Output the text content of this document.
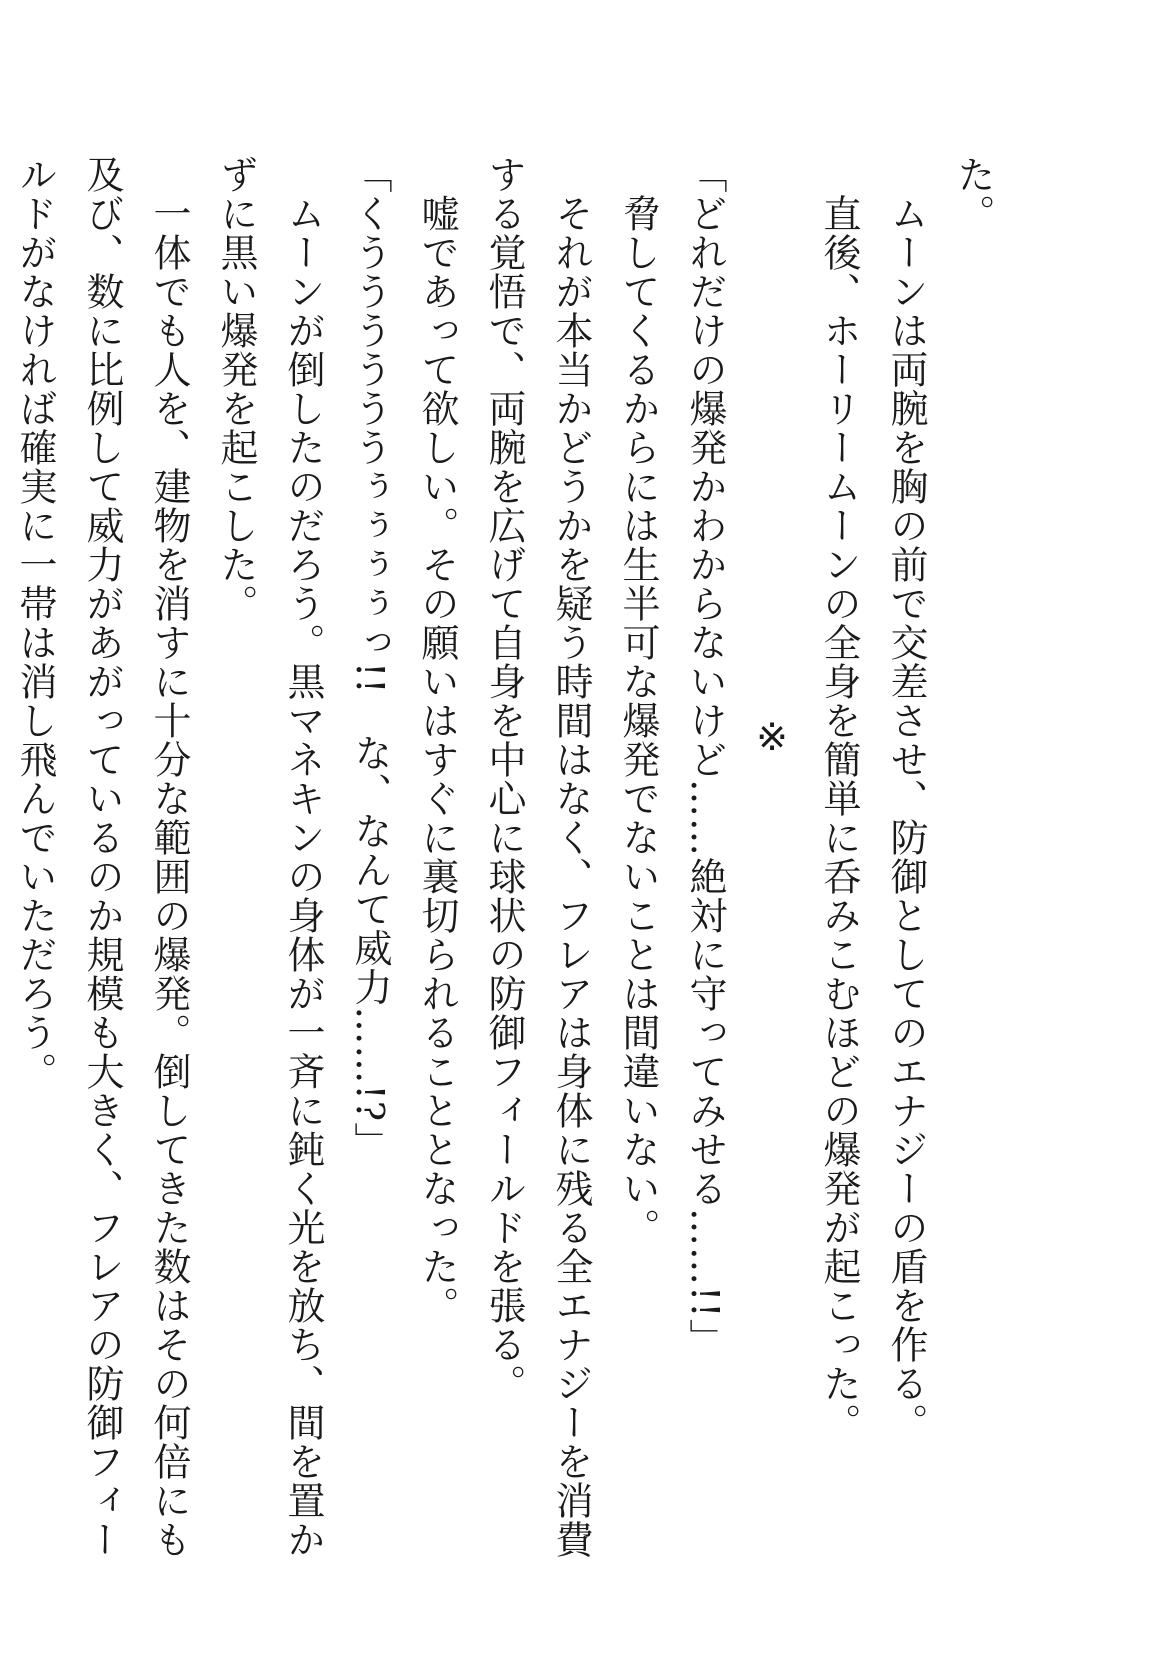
た。
　ムーンは両腕を胸の前で交差させ、防御としてのエナジーの盾を作る。
　直後、ホーリームーンの全身を簡単に呑みこむほどの爆発が起こった。
※
「どれだけの爆発かわからないけど……絶対に守ってみせる……!!」
　脅してくるからには生半可な爆発でないことは間違いない。
　それが本当かどうかを疑う時間はなく、フレアは身体に残る全エナジーを消費
する覚悟で、両腕を広げて自身を中心に球状の防御フィールドを張る。
　嘘であって欲しい。その願いはすぐに裏切られることとなった。
「くううううううぅぅぅぅっ!!　な、なんて威力……!?」
　ムーンが倒したのだろう。黒マネキンの身体が一斉に鈍く光を放ち、間を置か
ずに黒い爆発を起こした。
　一体でも人を、建物を消すに十分な範囲の爆発。倒してきた数はその何倍にも
及び、数に比例して威力があがっているのか規模も大きく、フレアの防御フィー
ルドがなければ確実に一帯は消し飛んでいただろう。
